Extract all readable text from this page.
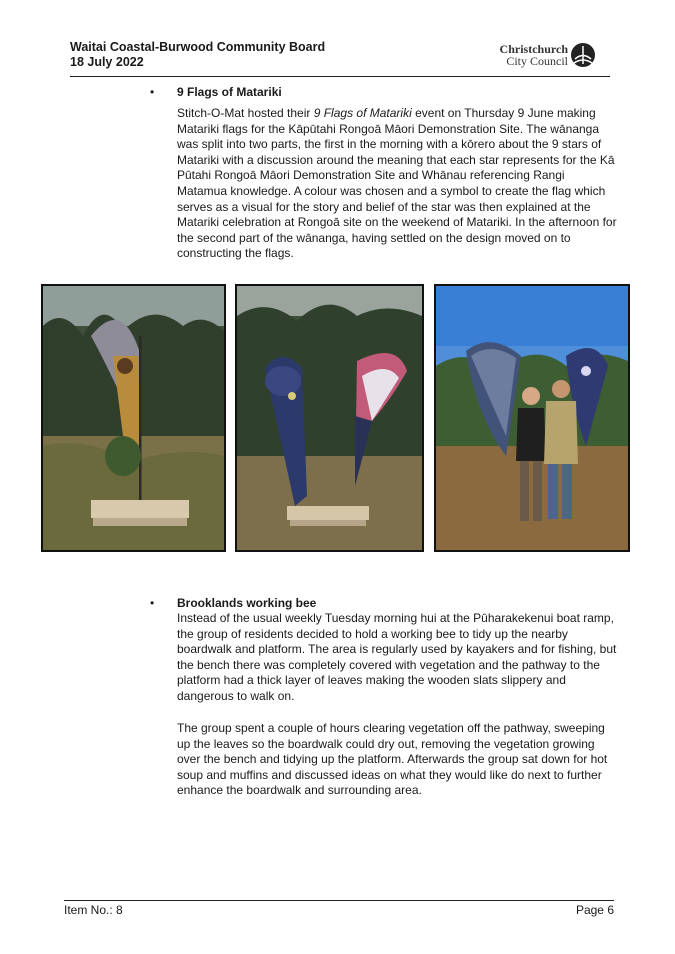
Waitai Coastal-Burwood Community Board
18 July 2022
Christchurch
City Council
• 9 Flags of Matariki
Stitch-O-Mat hosted their 9 Flags of Matariki event on Thursday 9 June making Matariki flags for the Kāpūtahi Rongoā Māori Demonstration Site. The wānanga was split into two parts, the first in the morning with a kōrero about the 9 stars of Matariki with a discussion around the meaning that each star represents for the Kā Pūtahi Rongoā Māori Demonstration Site and Whānau referencing Rangi Matamua knowledge. A colour was chosen and a symbol to create the flag which serves as a visual for the story and belief of the star was then explained at the Matariki celebration at Rongoā site on the weekend of Matariki. In the afternoon for the second part of the wānanga, having settled on the design moved on to constructing the flags.
• Brooklands working bee
Instead of the usual weekly Tuesday morning hui at the Pūharakekenui boat ramp, the group of residents decided to hold a working bee to tidy up the nearby boardwalk and platform. The area is regularly used by kayakers and for fishing, but the bench there was completely covered with vegetation and the pathway to the platform had a thick layer of leaves making the wooden slats slippery and dangerous to walk on.
The group spent a couple of hours clearing vegetation off the pathway, sweeping up the leaves so the boardwalk could dry out, removing the vegetation growing over the bench and tidying up the platform. Afterwards the group sat down for hot soup and muffins and discussed ideas on what they would like do next to further enhance the boardwalk and surrounding area.
Item No.: 8	Page 6
